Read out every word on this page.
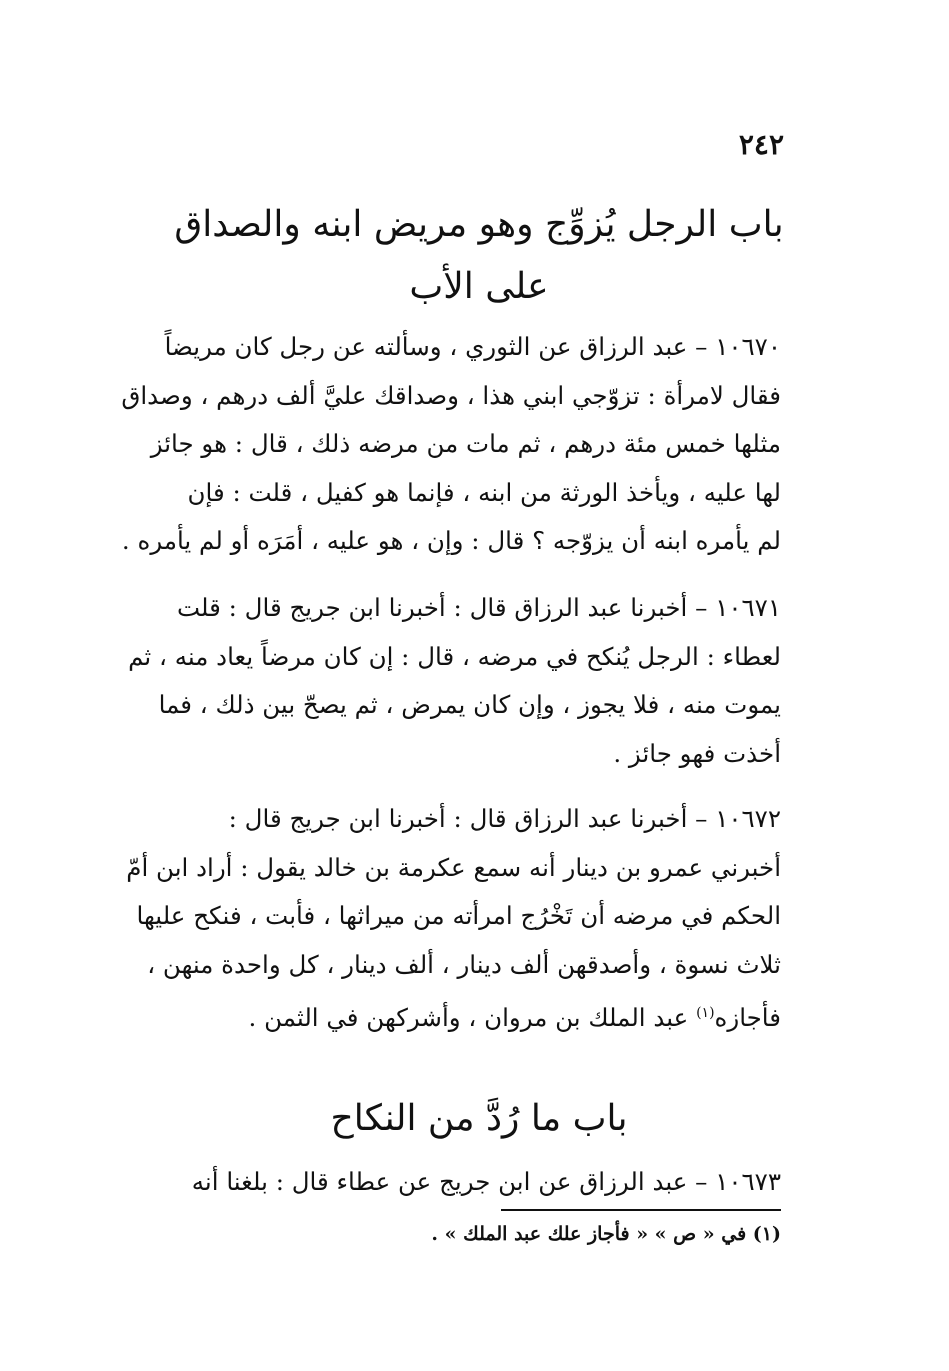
٢٤٢
باب الرجل يُزوِّج وهو مريض ابنه والصداق
على الأب
١٠٦٧٠ – عبد الرزاق عن الثوري ، وسألته عن رجل كان مريضاً
فقال لامرأة : تزوّجي ابني هذا ، وصداقك عليَّ ألف درهم ، وصداق
مثلها خمس مئة درهم ، ثم مات من مرضه ذلك ، قال : هو جائز
لها عليه ، ويأخذ الورثة من ابنه ، فإنما هو كفيل ، قلت : فإن
لم يأمره ابنه أن يزوّجه ؟ قال : وإن ، هو عليه ، أمَرَه أو لم يأمره .
١٠٦٧١ – أخبرنا عبد الرزاق قال : أخبرنا ابن جريج قال : قلت
لعطاء : الرجل يُنكح في مرضه ، قال : إن كان مرضاً يعاد منه ، ثم
يموت منه ، فلا يجوز ، وإن كان يمرض ، ثم يصحّ بين ذلك ، فما
أخذت فهو جائز .
١٠٦٧٢ – أخبرنا عبد الرزاق قال : أخبرنا ابن جريج قال :
أخبرني عمرو بن دينار أنه سمع عكرمة بن خالد يقول : أراد ابن أمّ
الحكم في مرضه أن تَخْرُج امرأته من ميراثها ، فأبت ، فنكح عليها
ثلاث نسوة ، وأصدقهن ألف دينار ، ألف دينار ، كل واحدة منهن ،
فأجازه$^{(١)}$ عبد الملك بن مروان ، وأشركهن في الثمن .
باب ما رُدَّ من النكاح
١٠٦٧٣ – عبد الرزاق عن ابن جريج عن عطاء قال : بلغنا أنه
(١) في « ص » « فأجاز علك عبد الملك » .
